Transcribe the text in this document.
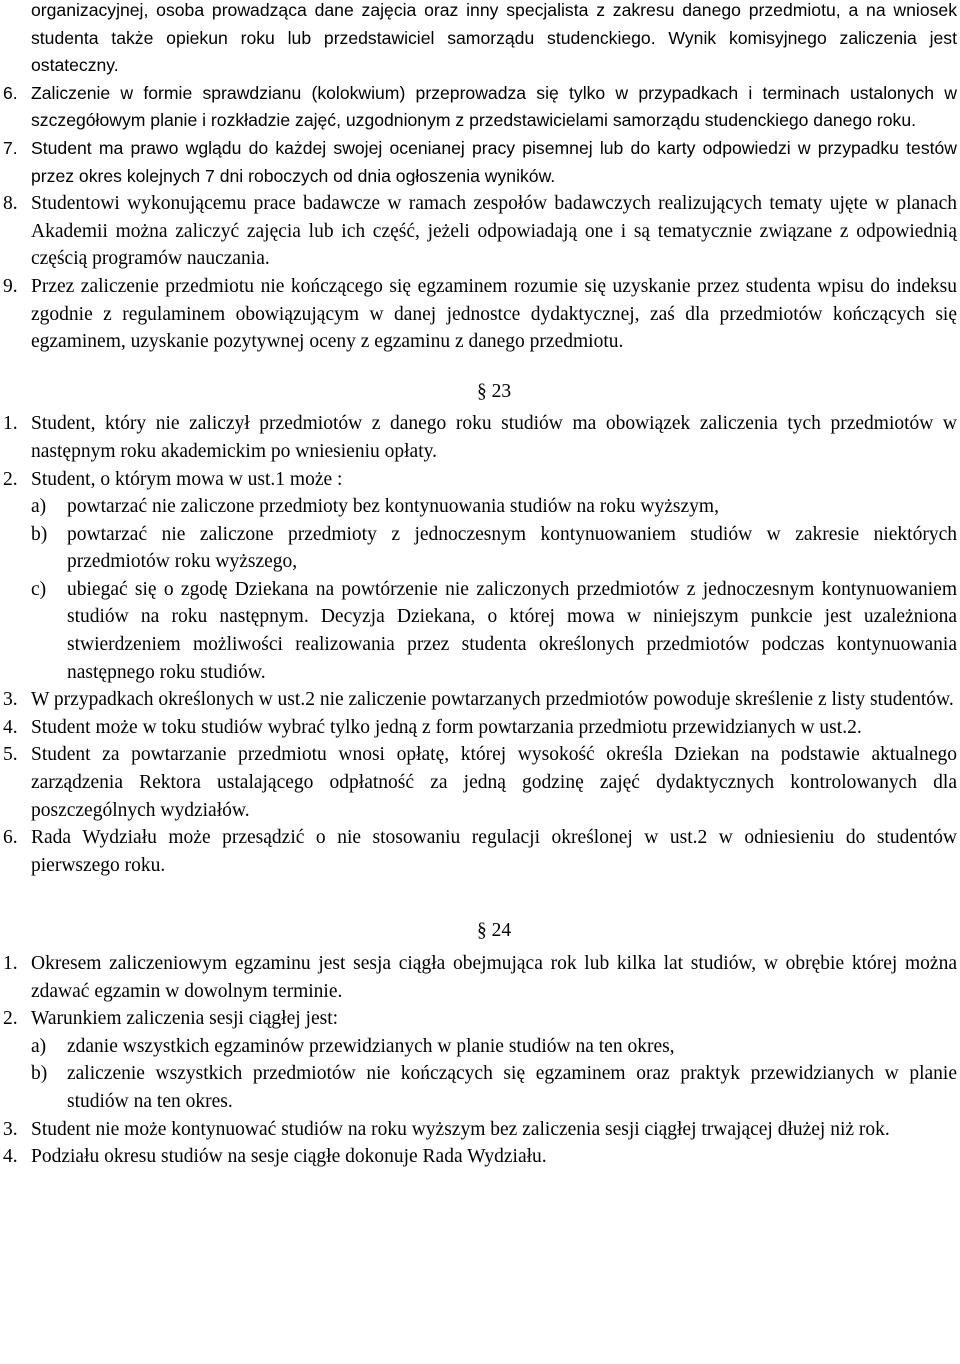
organizacyjnej, osoba prowadząca dane zajęcia oraz inny specjalista z zakresu danego przedmiotu, a na wniosek studenta także opiekun roku lub przedstawiciel samorządu studenckiego. Wynik komisyjnego zaliczenia jest ostateczny.

6. Zaliczenie w formie sprawdzianu (kolokwium) przeprowadza się tylko w przypadkach i terminach ustalonych w szczegółowym planie i rozkładzie zajęć, uzgodnionym z przedstawicielami samorządu studenckiego danego roku.
7. Student ma prawo wglądu do każdej swojej ocenianej pracy pisemnej lub do karty odpowiedzi w przypadku testów przez okres kolejnych 7 dni roboczych od dnia ogłoszenia wyników.
8. Studentowi wykonującemu prace badawcze w ramach zespołów badawczych realizujących tematy ujęte w planach Akademii można zaliczyć zajęcia lub ich część, jeżeli odpowiadają one i są tematycznie związane z odpowiednią częścią programów nauczania.
9. Przez zaliczenie przedmiotu nie kończącego się egzaminem rozumie się uzyskanie przez studenta wpisu do indeksu zgodnie z regulaminem obowiązującym w danej jednostce dydaktycznej, zaś dla przedmiotów kończących się egzaminem, uzyskanie pozytywnej oceny z egzaminu z danego przedmiotu.
§ 23
1. Student, który nie zaliczył przedmiotów z danego roku studiów ma obowiązek zaliczenia tych przedmiotów w następnym roku akademickim po wniesieniu opłaty.
2. Student, o którym mowa w ust.1 może :
a)	powtarzać nie zaliczone przedmioty bez kontynuowania studiów na roku wyższym,
b)	powtarzać nie zaliczone przedmioty z jednoczesnym kontynuowaniem studiów w zakresie niektórych przedmiotów roku wyższego,
c)	ubiegać się o zgodę Dziekana na powtórzenie nie zaliczonych przedmiotów z jednoczesnym kontynuowaniem studiów na roku następnym. Decyzja Dziekana, o której mowa w niniejszym punkcie jest uzależniona stwierdzeniem możliwości realizowania przez studenta określonych przedmiotów podczas kontynuowania następnego roku studiów.
3. W przypadkach określonych w ust.2 nie zaliczenie powtarzanych przedmiotów powoduje skreślenie z listy studentów.
4. Student może w toku studiów wybrać tylko jedną z form powtarzania przedmiotu przewidzianych w ust.2.
5. Student za powtarzanie przedmiotu wnosi opłatę, której wysokość określa Dziekan na podstawie aktualnego zarządzenia Rektora ustalającego odpłatność za jedną godzinę zajęć dydaktycznych kontrolowanych dla poszczególnych wydziałów.
6. Rada Wydziału może przesądzić o nie stosowaniu regulacji określonej w ust.2 w odniesieniu do studentów pierwszego roku.
§ 24
1. Okresem zaliczeniowym egzaminu jest sesja ciągła obejmująca rok lub kilka lat studiów, w obrębie której można zdawać egzamin w dowolnym terminie.
2. Warunkiem zaliczenia sesji ciągłej jest:
a)	zdanie wszystkich egzaminów przewidzianych w planie studiów na ten okres,
b)	zaliczenie wszystkich przedmiotów nie kończących się egzaminem oraz praktyk przewidzianych w planie studiów na ten okres.
3. Student nie może kontynuować studiów na roku wyższym bez zaliczenia sesji ciągłej trwającej dłużej niż rok.
4. Podziału okresu studiów na sesje ciągłe dokonuje Rada Wydziału.
